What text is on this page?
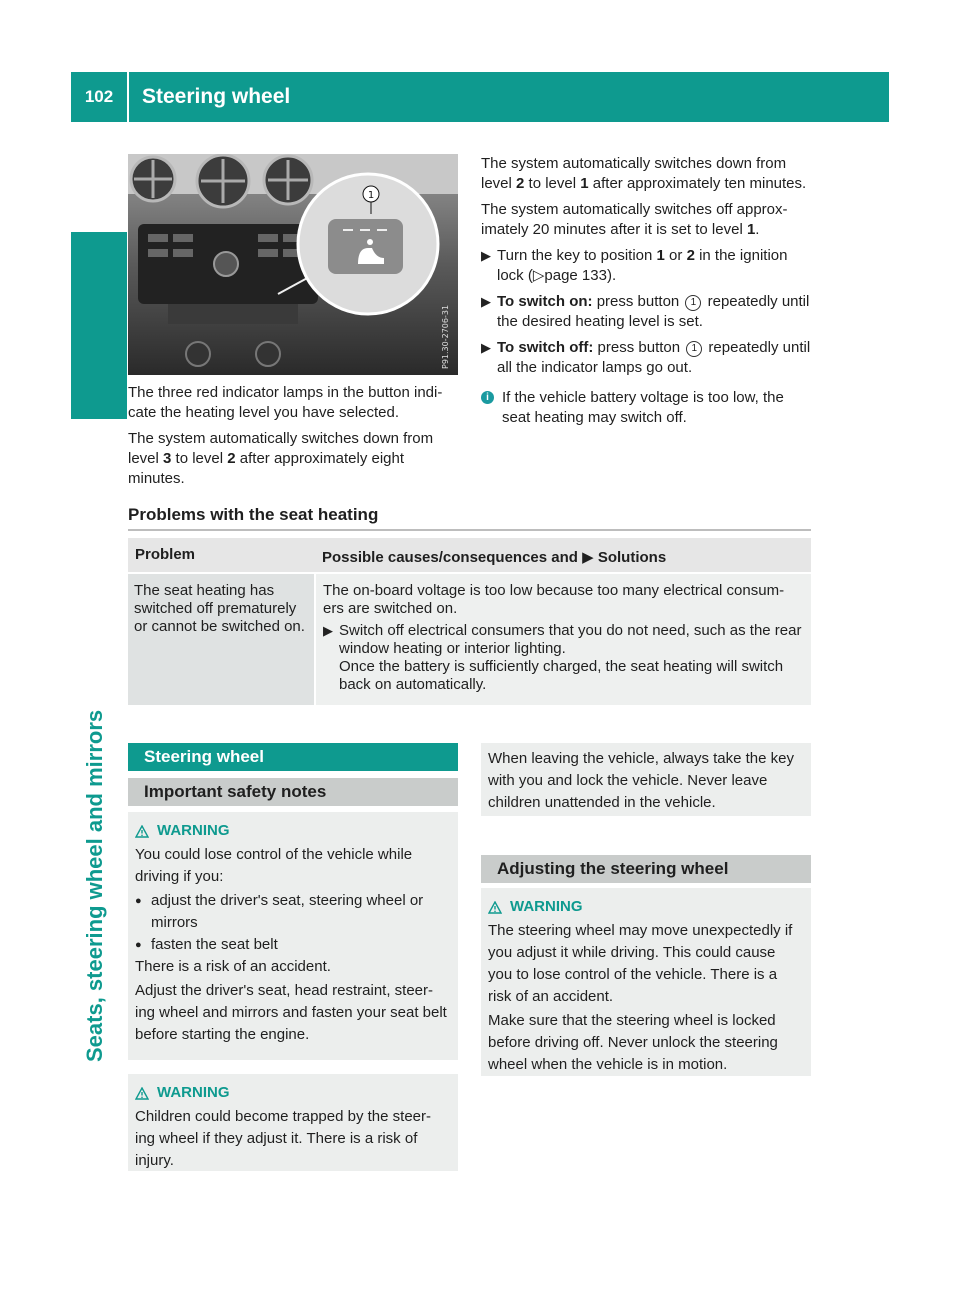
102	Steering wheel
Seats, steering wheel and mirrors
1
P91.30-2706-31

The three red indicator lamps in the button indi- cate the heating level you have selected.

The system automatically switches down from level 3 to level 2 after approximately eight minutes.

The system automatically switches down from level 2 to level 1 after approximately ten minutes.

The system automatically switches off approx- imately 20 minutes after it is set to level 1.

▶ Turn the key to position 1 or 2 in the ignition lock (▷page 133).
▶ To switch on: press button 1 repeatedly until the desired heating level is set.
▶ To switch off: press button 1 repeatedly until all the indicator lamps go out.
i If the vehicle battery voltage is too low, the seat heating may switch off.
Problems with the seat heating
Problem	Possible causes/consequences and ▶ Solutions
The seat heating has switched off prematurely or cannot be switched on.
The on-board voltage is too low because too many electrical consum- ers are switched on.
▶ Switch off electrical consumers that you do not need, such as the rear window heating or interior lighting.
Once the battery is sufficiently charged, the seat heating will switch back on automatically.
Steering wheel
Important safety notes
WARNING

You could lose control of the vehicle while driving if you:

● adjust the driver's seat, steering wheel or mirrors
● fasten the seat belt

There is a risk of an accident.

Adjust the driver's seat, head restraint, steer- ing wheel and mirrors and fasten your seat belt before starting the engine.

WARNING

Children could become trapped by the steer- ing wheel if they adjust it. There is a risk of injury.

When leaving the vehicle, always take the key with you and lock the vehicle. Never leave children unattended in the vehicle.

Adjusting the steering wheel
WARNING

The steering wheel may move unexpectedly if you adjust it while driving. This could cause you to lose control of the vehicle. There is a risk of an accident.

Make sure that the steering wheel is locked before driving off. Never unlock the steering wheel when the vehicle is in motion.
